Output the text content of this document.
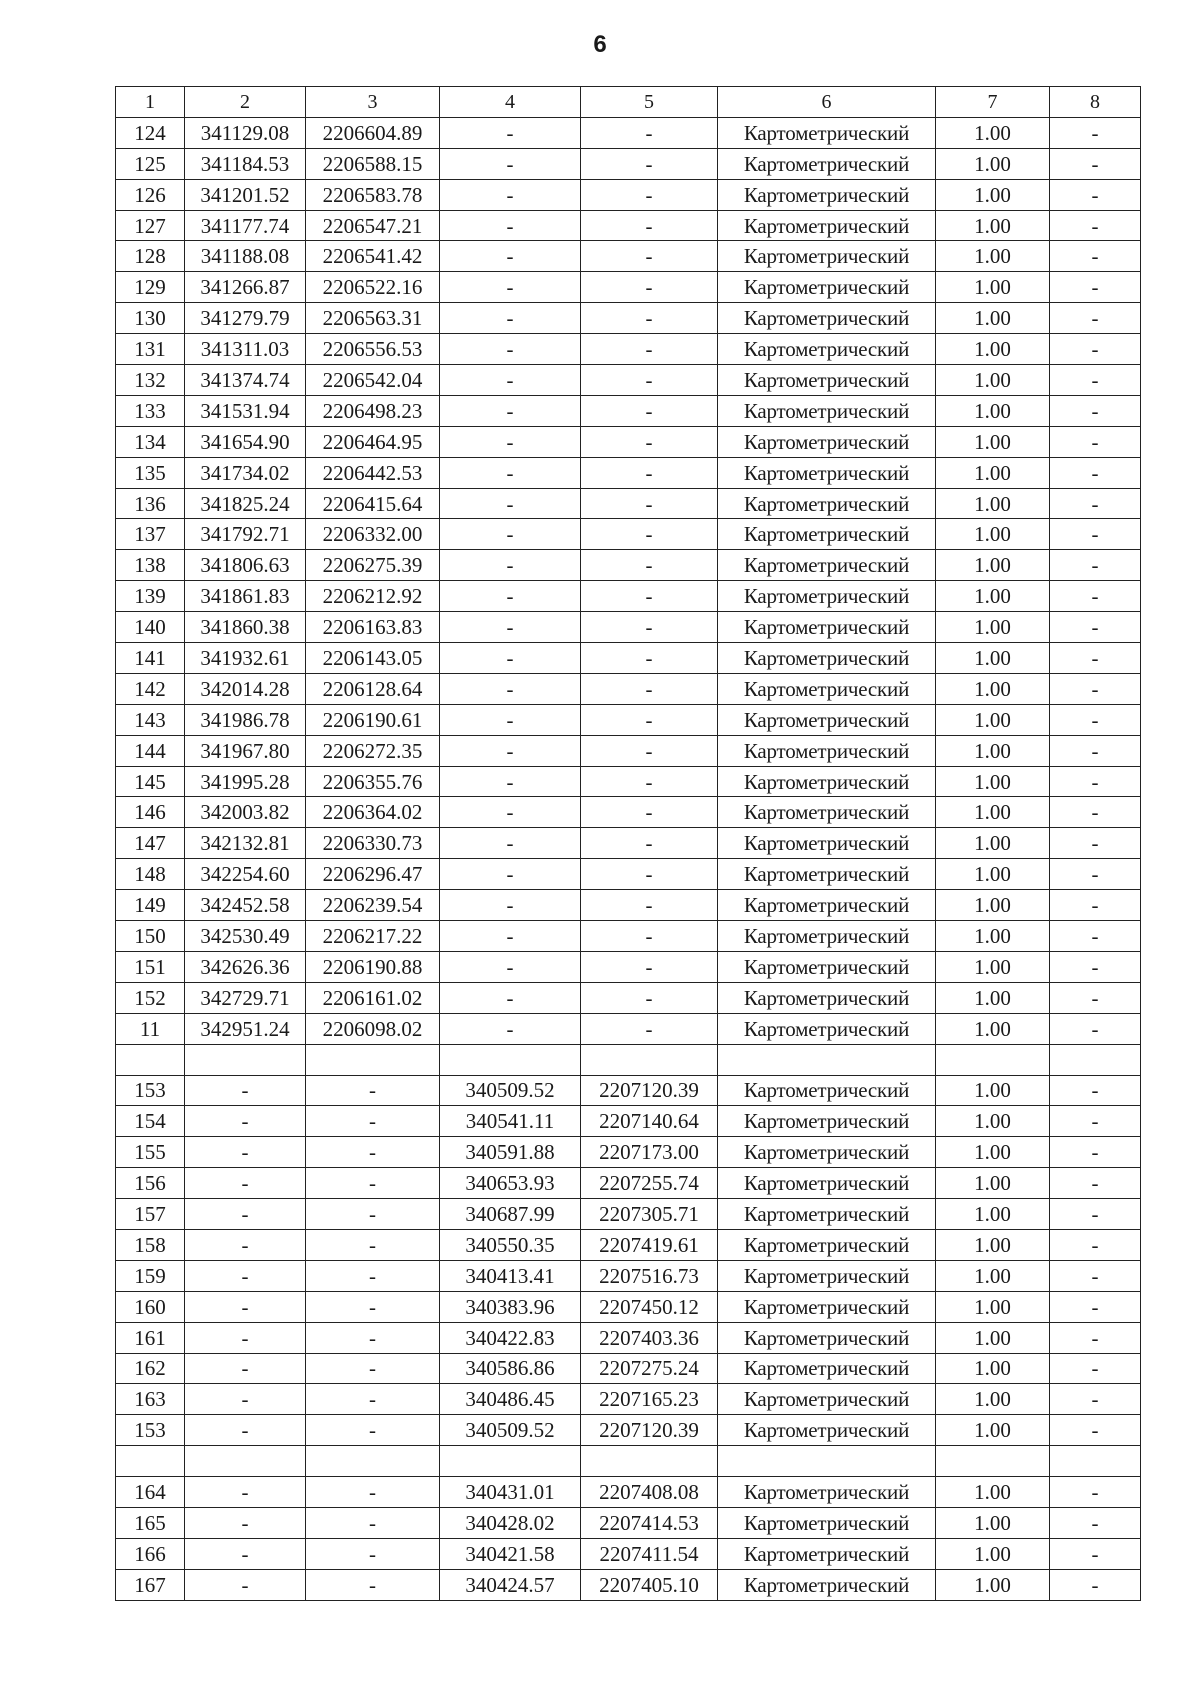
6
1	2	3	4	5	6	7	8
124	341129.08	2206604.89	-	-	Картометрический	1.00	-
125	341184.53	2206588.15	-	-	Картометрический	1.00	-
126	341201.52	2206583.78	-	-	Картометрический	1.00	-
127	341177.74	2206547.21	-	-	Картометрический	1.00	-
128	341188.08	2206541.42	-	-	Картометрический	1.00	-
129	341266.87	2206522.16	-	-	Картометрический	1.00	-
130	341279.79	2206563.31	-	-	Картометрический	1.00	-
131	341311.03	2206556.53	-	-	Картометрический	1.00	-
132	341374.74	2206542.04	-	-	Картометрический	1.00	-
133	341531.94	2206498.23	-	-	Картометрический	1.00	-
134	341654.90	2206464.95	-	-	Картометрический	1.00	-
135	341734.02	2206442.53	-	-	Картометрический	1.00	-
136	341825.24	2206415.64	-	-	Картометрический	1.00	-
137	341792.71	2206332.00	-	-	Картометрический	1.00	-
138	341806.63	2206275.39	-	-	Картометрический	1.00	-
139	341861.83	2206212.92	-	-	Картометрический	1.00	-
140	341860.38	2206163.83	-	-	Картометрический	1.00	-
141	341932.61	2206143.05	-	-	Картометрический	1.00	-
142	342014.28	2206128.64	-	-	Картометрический	1.00	-
143	341986.78	2206190.61	-	-	Картометрический	1.00	-
144	341967.80	2206272.35	-	-	Картометрический	1.00	-
145	341995.28	2206355.76	-	-	Картометрический	1.00	-
146	342003.82	2206364.02	-	-	Картометрический	1.00	-
147	342132.81	2206330.73	-	-	Картометрический	1.00	-
148	342254.60	2206296.47	-	-	Картометрический	1.00	-
149	342452.58	2206239.54	-	-	Картометрический	1.00	-
150	342530.49	2206217.22	-	-	Картометрический	1.00	-
151	342626.36	2206190.88	-	-	Картометрический	1.00	-
152	342729.71	2206161.02	-	-	Картометрический	1.00	-
11	342951.24	2206098.02	-	-	Картометрический	1.00	-

153	-	-	340509.52	2207120.39	Картометрический	1.00	-
154	-	-	340541.11	2207140.64	Картометрический	1.00	-
155	-	-	340591.88	2207173.00	Картометрический	1.00	-
156	-	-	340653.93	2207255.74	Картометрический	1.00	-
157	-	-	340687.99	2207305.71	Картометрический	1.00	-
158	-	-	340550.35	2207419.61	Картометрический	1.00	-
159	-	-	340413.41	2207516.73	Картометрический	1.00	-
160	-	-	340383.96	2207450.12	Картометрический	1.00	-
161	-	-	340422.83	2207403.36	Картометрический	1.00	-
162	-	-	340586.86	2207275.24	Картометрический	1.00	-
163	-	-	340486.45	2207165.23	Картометрический	1.00	-
153	-	-	340509.52	2207120.39	Картометрический	1.00	-

164	-	-	340431.01	2207408.08	Картометрический	1.00	-
165	-	-	340428.02	2207414.53	Картометрический	1.00	-
166	-	-	340421.58	2207411.54	Картометрический	1.00	-
167	-	-	340424.57	2207405.10	Картометрический	1.00	-
